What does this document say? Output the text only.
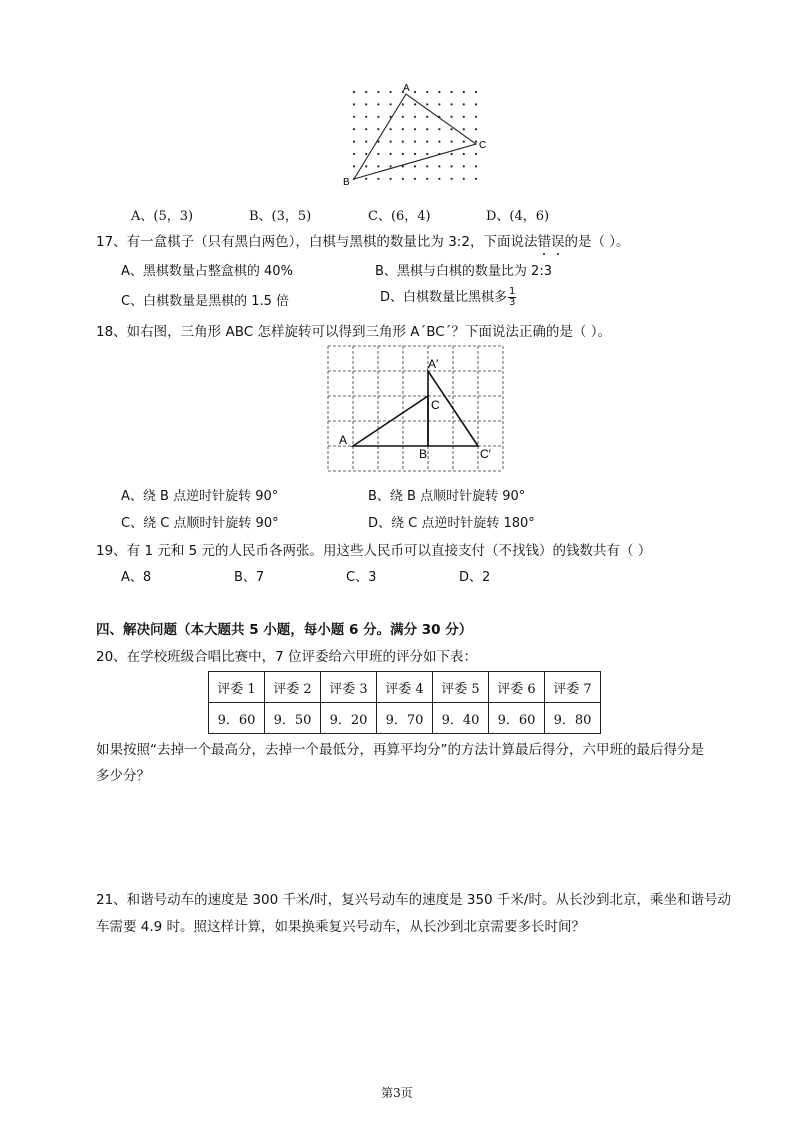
A
B
C
A、(5，3)	B、(3，5)	C、(6，4)	D、(4，6)
17、有一盒棋子（只有黑白两色），白棋与黑棋的数量比为 3:2，下面说法错误的是（ ）。
A、黑棋数量占整盒棋的 40%	B、黑棋与白棋的数量比为 2:3
C、白棋数量是黑棋的 1.5 倍	D、白棋数量比黑棋多 $\frac{1}{3}$
18、如右图，三角形 ABC 怎样旋转可以得到三角形 A´BC´？下面说法正确的是（ ）。
A
B
C
A′
C′
A、绕 B 点逆时针旋转 90°	B、绕 B 点顺时针旋转 90°
C、绕 C 点顺时针旋转 90°	D、绕 C 点逆时针旋转 180°
19、有 1 元和 5 元的人民币各两张。用这些人民币可以直接支付（不找钱）的钱数共有（ ）
A、8	B、7	C、3	D、2
四、解决问题（本大题共 5 小题，每小题 6 分。满分 30 分）
20、在学校班级合唱比赛中，7 位评委给六甲班的评分如下表：
评委 1	评委 2	评委 3	评委 4	评委 5	评委 6	评委 7
9．60	9．50	9．20	9．70	9．40	9．60	9．80
如果按照“去掉一个最高分，去掉一个最低分，再算平均分”的方法计算最后得分，六甲班的最后得分是
多少分？
21、和谐号动车的速度是 300 千米/时，复兴号动车的速度是 350 千米/时。从长沙到北京，乘坐和谐号动
车需要 4.9 时。照这样计算，如果换乘复兴号动车，从长沙到北京需要多长时间？
第3页
